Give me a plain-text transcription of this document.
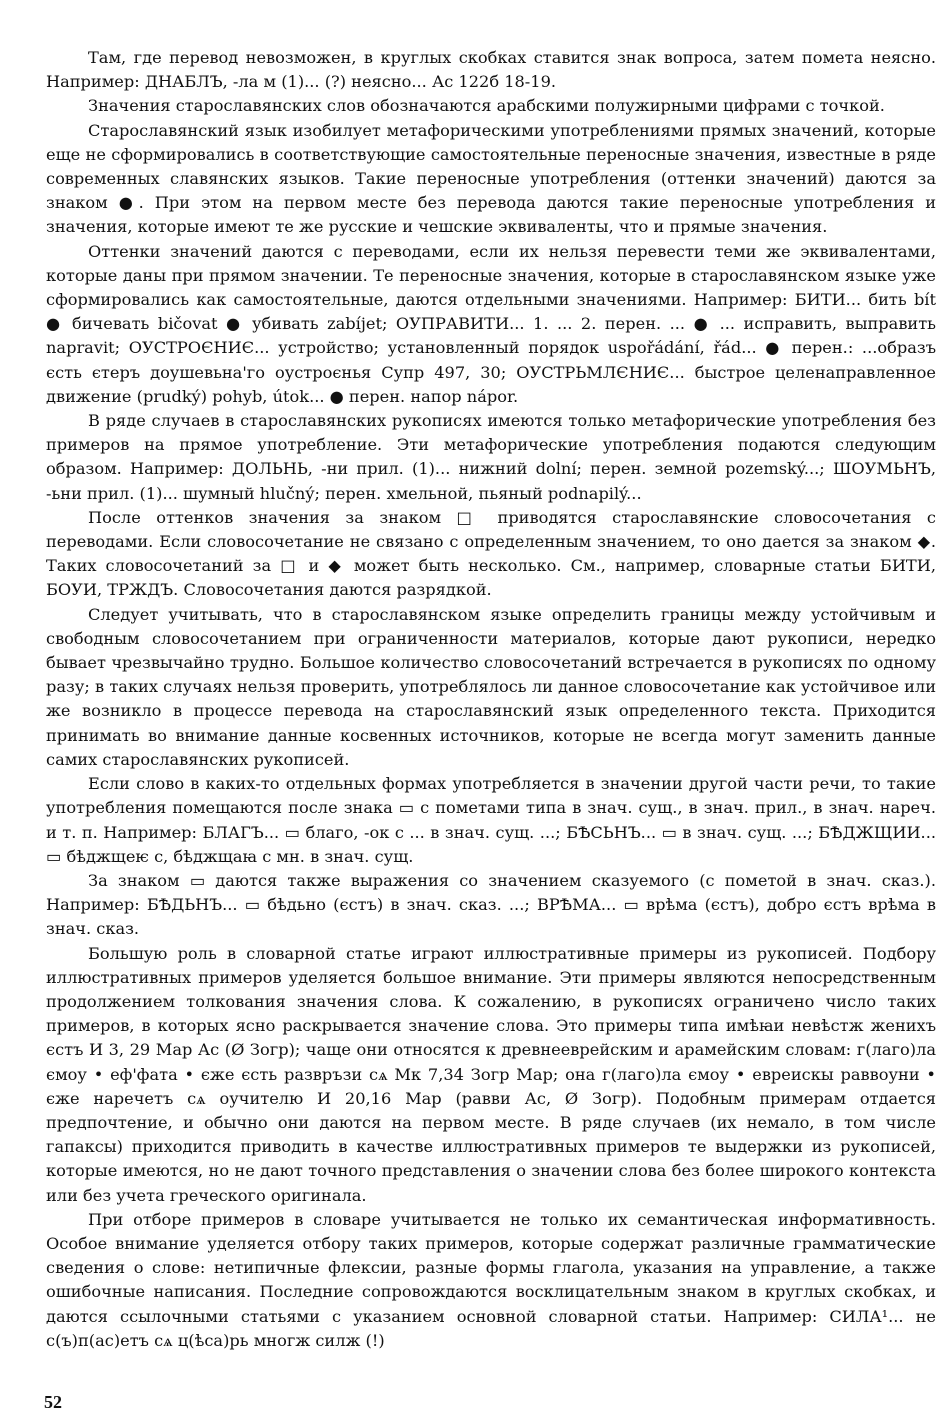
Там, где перевод невозможен, в круглых скобках ставится знак вопроса, затем помета неясно. Например: ДНАБЛЪ, -ла м (1)... (?) неясно... Ас 122б 18-19.

Значения старославянских слов обозначаются арабскими полужирными цифрами с точкой.

Старославянский язык изобилует метафорическими употреблениями прямых значений, которые еще не сформировались в соответствующие самостоятельные переносные значения, известные в ряде современных славянских языков. Такие переносные употребления (оттенки значений) даются за знаком ●. При этом на первом месте без перевода даются такие переносные употребления и значения, которые имеют те же русские и чешские эквиваленты, что и прямые значения.

Оттенки значений даются с переводами, если их нельзя перевести теми же эквивалентами, которые даны при прямом значении. Те переносные значения, которые в старославянском языке уже сформировались как самостоятельные, даются отдельными значениями. Например: БИТИ... бить bít ● бичевать bičovat ● убивать zabíjet; ОУПРАВИТИ... 1. ... 2. перен. ... ● ... исправить, выправить napravit; ОУСТРОЄНИЄ... устройство; установленный порядок uspořádání, řád... ● перен.: ...образъ єсть єтеръ доушевьна'го оустроєнья Супр 497, 30; ОУСТРЬМЛЄНИЄ... быстрое целенаправленное движение (prudký) pohyb, útok... ● перен. напор nápor.

В ряде случаев в старославянских рукописях имеются только метафорические употребления без примеров на прямое употребление. Эти метафорические употребления подаются следующим образом. Например: ДОЛЬНЬ, -ни прил. (1)... нижний dolní; перен. земной pozemský...; ШОУМЬНЪ, -ьни прил. (1)... шумный hlučný; перен. хмельной, пьяный podnapilý...

После оттенков значения за знаком □ приводятся старославянские словосочетания с переводами. Если словосочетание не связано с определенным значением, то оно дается за знаком ◆. Таких словосочетаний за □ и ◆ может быть несколько. См., например, словарные статьи БИТИ, БОУИ, ТРЖДЪ. Словосочетания даются разрядкой.

Следует учитывать, что в старославянском языке определить границы между устойчивым и свободным словосочетанием при ограниченности материалов, которые дают рукописи, нередко бывает чрезвычайно трудно. Большое количество словосочетаний встречается в рукописях по одному разу; в таких случаях нельзя проверить, употреблялось ли данное словосочетание как устойчивое или же возникло в процессе перевода на старославянский язык определенного текста. Приходится принимать во внимание данные косвенных источников, которые не всегда могут заменить данные самих старославянских рукописей.

Если слово в каких-то отдельных формах употребляется в значении другой части речи, то такие употребления помещаются после знака ▭ с пометами типа в знач. сущ., в знач. прил., в знач. нареч. и т. п. Например: БЛАГЪ... ▭ благо, -ок с ... в знач. сущ. ...; БѢСЬНЪ... ▭ в знач. сущ. ...; БѢДЖЩИИ... ▭ бѣджщеѥ с, бѣджщаꙗ с мн. в знач. сущ.

За знаком ▭ даются также выражения со значением сказуемого (с пометой в знач. сказ.). Например: БѢДЬНЪ... ▭ бѣдьно (єстъ) в знач. сказ. ...; ВРѢМА... ▭ врѣма (єстъ), добро єстъ врѣма в знач. сказ.

Большую роль в словарной статье играют иллюстративные примеры из рукописей. Подбору иллюстративных примеров уделяется большое внимание. Эти примеры являются непосредственным продолжением толкования значения слова. К сожалению, в рукописях ограничено число таких примеров, в которых ясно раскрывается значение слова. Это примеры типа имѣꙗи невѣстж женихъ єстъ И 3, 29 Мар Ас (Ø Зогр); чаще они относятся к древнееврейским и арамейским словам: г(лаго)ла ємоу • еф'фата • єже єсть развръзи сѧ Мк 7,34 Зогр Мар; она г(лаго)ла ємоу • евреискы раввоуни • єже наречетъ сѧ оучителю И 20,16 Мар (равви Ас, Ø Зогр). Подобным примерам отдается предпочтение, и обычно они даются на первом месте. В ряде случаев (их немало, в том числе гапаксы) приходится приводить в качестве иллюстративных примеров те выдержки из рукописей, которые имеются, но не дают точного представления о значении слова без более широкого контекста или без учета греческого оригинала.

При отборе примеров в словаре учитывается не только их семантическая информативность. Особое внимание уделяется отбору таких примеров, которые содержат различные грамматические сведения о слове: нетипичные флексии, разные формы глагола, указания на управление, а также ошибочные написания. Последние сопровождаются восклицательным знаком в круглых скобках, и даются ссылочными статьями с указанием основной словарной статьи. Например: СИЛА¹... не с(ъ)п(ас)етъ сѧ ц(ѣса)рь многж силж (!)

52
